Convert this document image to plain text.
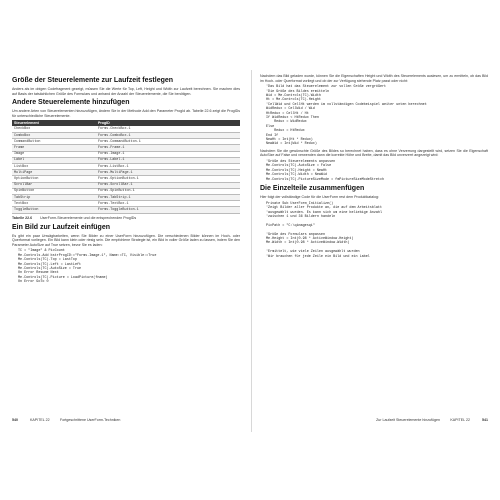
Größe der Steuerelemente zur Laufzeit festlegen

Anders als im obigen Codefragment gezeigt, müssen Sie die Werte für Top, Left, Height und Width zur Laufzeit berechnen. Sie machen dies auf Basis der tatsächlichen Größe des Formulars und anhand der Anzahl der Steuerelemente, die Sie benötigen.

Andere Steuerelemente hinzufügen

Um andere Arten von Steuerelementen hinzuzufügen, ändern Sie in der Methode Add den Parameter ProgId ab. Tabelle 22.6 zeigt die ProgIDs für unterschiedliche Steuerelemente.

Steuerelement	ProgID
CheckBox	Forms.CheckBox.1
ComboBox	Forms.ComboBox.1
CommandButton	Forms.CommandButton.1
Frame	Forms.Frame.1
Image	Forms.Image.1
Label	Forms.Label.1
ListBox	Forms.ListBox.1
MultiPage	Forms.MultiPage.1
OptionButton	Forms.OptionButton.1
ScrollBar	Forms.ScrollBar.1
SpinButton	Forms.SpinButton.1
TabStrip	Forms.TabStrip.1
TextBox	Forms.TextBox.1
ToggleButton	Forms.ToggleButton.1
Tabelle 22.6 UserForm-Steuerelemente und die entsprechenden ProgIDs
Ein Bild zur Laufzeit einfügen

Es gibt ein paar Unwägbarkeiten, wenn Sie Bilder zu einer UserForm hinzuzufügen. Die verschiedenen Bilder können im Hoch- oder Querformat vorliegen. Ein Bild kann klein oder riesig sein. Die empfohlene Strategie ist, ein Bild in voller Größe laden zu lassen, indem Sie den Parameter AutoSize auf True setzen, bevor Sie es laden:

TC = "Image" & PicCount
Me.Controls.Add bstrProgID:="Forms.Image.1", Name:=TC, Visible:=True
Me.Controls(TC).Top = LastTop
Me.Controls(TC).Left = LastLeft
Me.Controls(TC).AutoSize = True
On Error Resume Next
Me.Controls(TC).Picture = LoadPicture(fname)
On Error GoTo 0
540	KAPITEL 22	Fortgeschrittene UserForm-Techniken

Nachdem das Bild geladen wurde, können Sie die Eigenschaften Height und Width des Steuerelements auslesen, um zu ermitteln, ob das Bild im Hoch- oder Querformat vorliegt und ob der zur Verfügung stehende Platz passt oder nicht:

'Das Bild hat das Steuerelement zur vollen Größe vergrößert
'Die Größe des Bildes ermitteln
Wid = Me.Controls(TC).Width
Ht = Me.Controls(TC).Height
'CellWid und CellHt werden im vollständigen Codebeispiel weiter unten berechnet
WidRedux = CellWid / Wid
HtRedux = CellHt / Ht
If WidRedux < HtRedux Then
Redux = WidRedux
Else
Redux = HtRedux
End If
NewHt = Int(Ht * Redux)
NewWid = Int(Wid * Redux)

Nachdem Sie die gewünschte Größe des Bildes so berechnet haben, dass es ohne Verzerrung dargestellt wird, setzen Sie die Eigenschaft AutoSize auf False und verwenden dann die korrekte Höhe und Breite, damit das Bild unverzerrt angezeigt wird:

'Größe des Steuerelements anpassen
Me.Controls(TC).AutoSize = False
Me.Controls(TC).Height = NewHt
Me.Controls(TC).Width = NewWid
Me.Controls(TC).PictureSizeMode = fmPictureSizeModeStretch
Die Einzelteile zusammenfügen

Hier folgt der vollständige Code für die UserForm rest dem Produktkatalog:

Private Sub UserForm_Initialize()
'Zeigt Bilder aller Produkte an, die auf dem Arbeitsblatt
'ausgewählt wurden. Es kann sich um eine beliebige Anzahl
'zwischen 1 und 36 Bildern handeln

PicPath = "C:\qimagesqi"

'Größe des Formulars anpassen
Me.Height = Int(0.98 * ActiveWindow.Height)
Me.Width = Int(0.98 * ActiveWindow.Width)

'Ermittelt, wie viele Zeilen ausgewählt wurden
'Wir brauchen für jede Zeile ein Bild und ein Label
Zur Laufzeit Steuerelemente hinzufügen	KAPITEL 22	541
